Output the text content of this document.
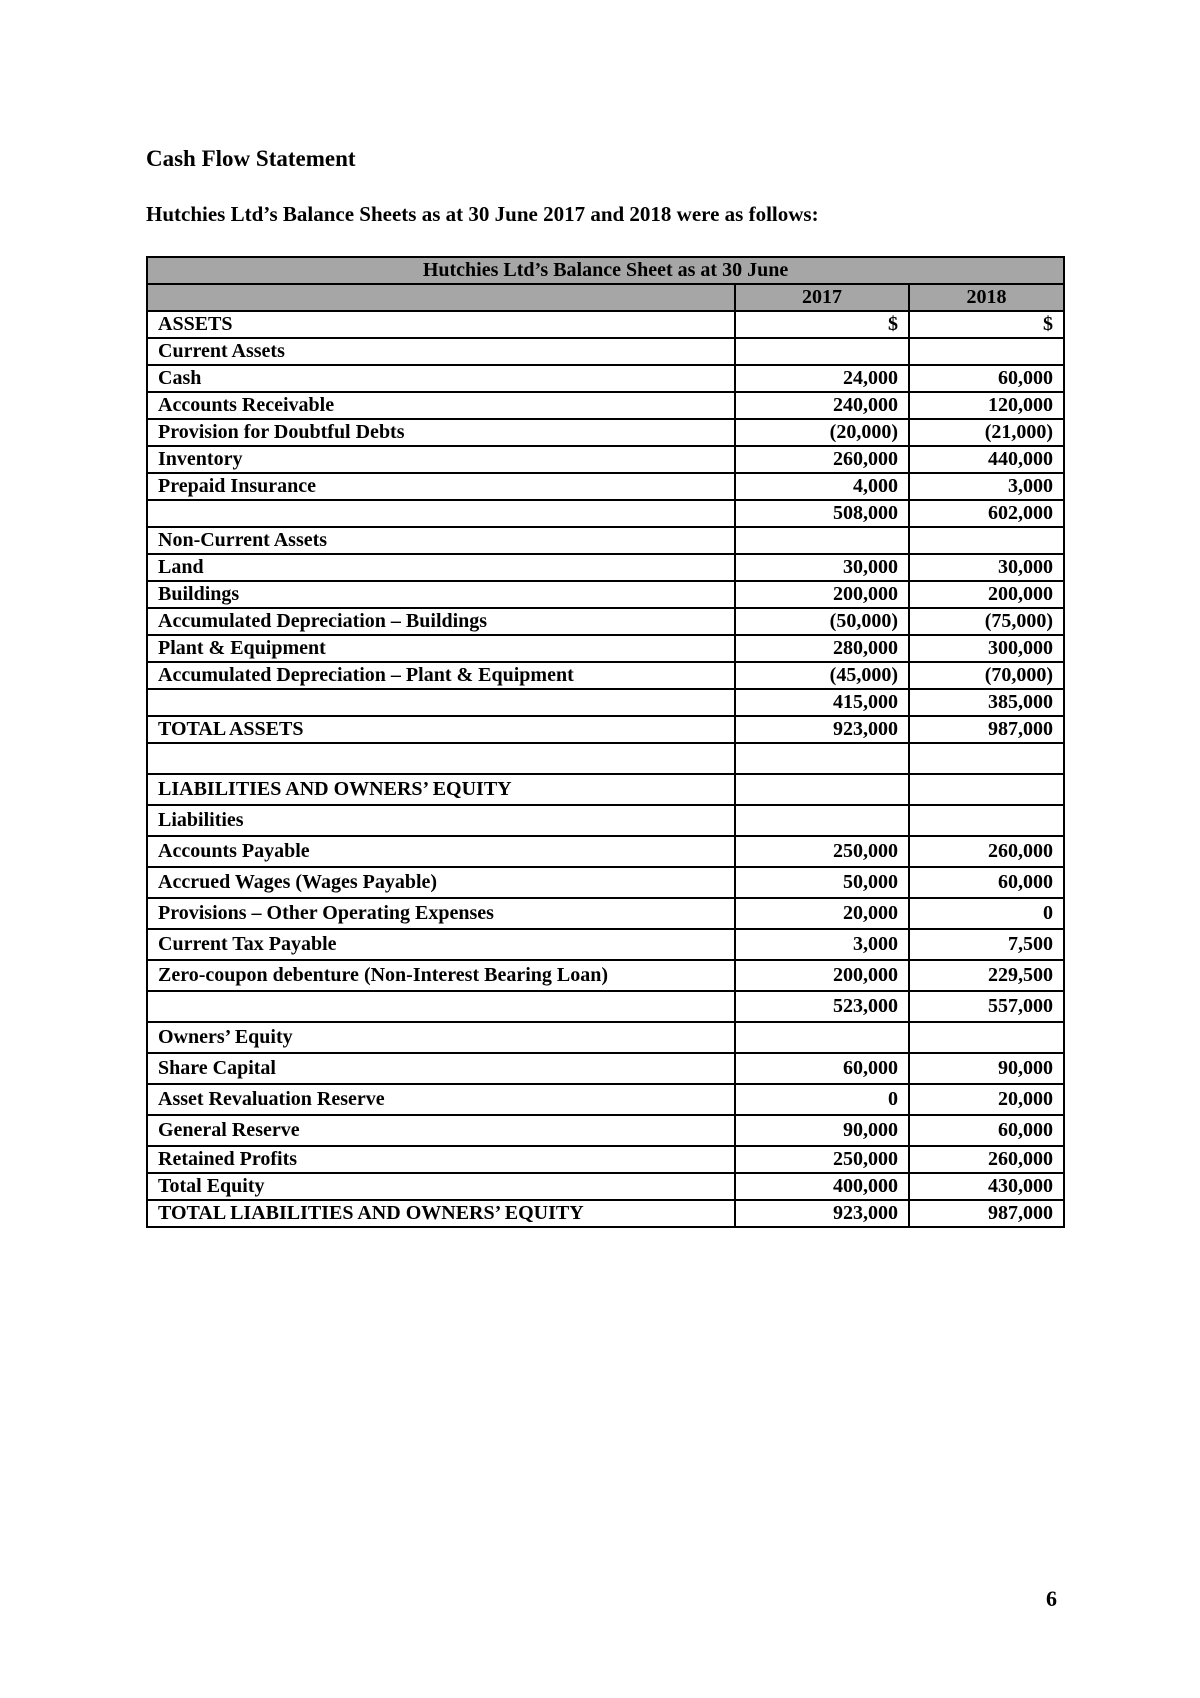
Cash Flow Statement

Hutchies Ltd’s Balance Sheets as at 30 June 2017 and 2018 were as follows:

Hutchies Ltd’s Balance Sheet as at 30 June		
	2017	2018
ASSETS	$	$
Current Assets		
Cash	24,000	60,000
Accounts Receivable	240,000	120,000
Provision for Doubtful Debts	(20,000)	(21,000)
Inventory	260,000	440,000
Prepaid Insurance	4,000	3,000
	508,000	602,000
Non-Current Assets		
Land	30,000	30,000
Buildings	200,000	200,000
Accumulated Depreciation – Buildings	(50,000)	(75,000)
Plant & Equipment	280,000	300,000
Accumulated Depreciation – Plant & Equipment	(45,000)	(70,000)
	415,000	385,000
TOTAL ASSETS	923,000	987,000

LIABILITIES AND OWNERS’ EQUITY		
Liabilities		
Accounts Payable	250,000	260,000
Accrued Wages (Wages Payable)	50,000	60,000
Provisions – Other Operating Expenses	20,000	0
Current Tax Payable	3,000	7,500
Zero-coupon debenture (Non-Interest Bearing Loan)	200,000	229,500
	523,000	557,000
Owners’ Equity		
Share Capital	60,000	90,000
Asset Revaluation Reserve	0	20,000
General Reserve	90,000	60,000
Retained Profits	250,000	260,000
Total Equity	400,000	430,000
TOTAL LIABILITIES AND OWNERS’ EQUITY	923,000	987,000

6
